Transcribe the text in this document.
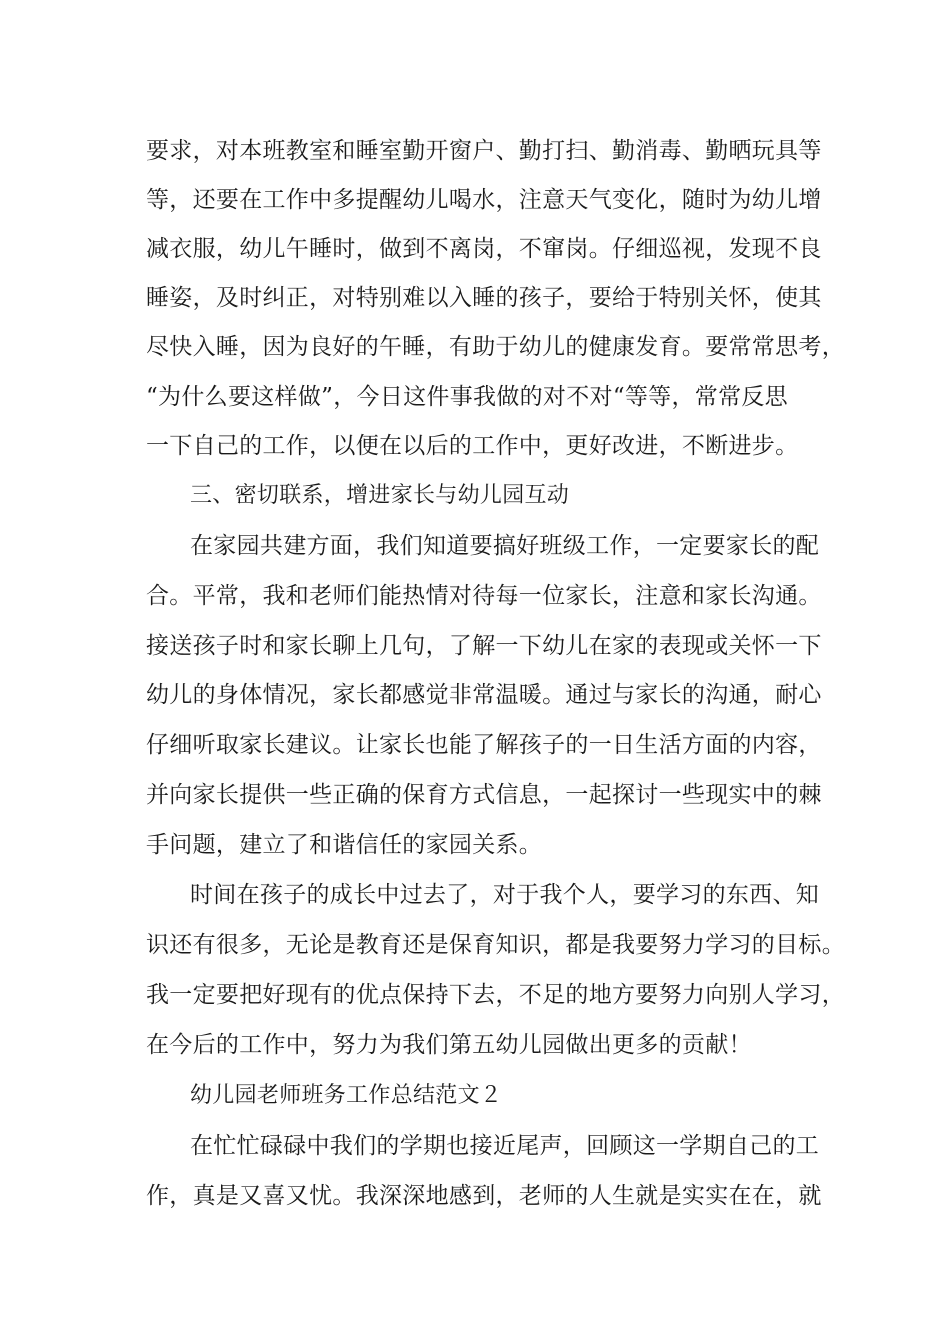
要求，对本班教室和睡室勤开窗户、勤打扫、勤消毒、勤晒玩具等
等，还要在工作中多提醒幼儿喝水，注意天气变化，随时为幼儿增
减衣服，幼儿午睡时，做到不离岗，不窜岗。仔细巡视，发现不良
睡姿，及时纠正，对特别难以入睡的孩子，要给于特别关怀，使其
尽快入睡，因为良好的午睡，有助于幼儿的健康发育。要常常思考，
“为什么要这样做”，今日这件事我做的对不对“等等，常常反思
一下自己的工作，以便在以后的工作中，更好改进，不断进步。
三、密切联系，增进家长与幼儿园互动
在家园共建方面，我们知道要搞好班级工作，一定要家长的配
合。平常，我和老师们能热情对待每一位家长，注意和家长沟通。
接送孩子时和家长聊上几句，了解一下幼儿在家的表现或关怀一下
幼儿的身体情况，家长都感觉非常温暖。通过与家长的沟通，耐心
仔细听取家长建议。让家长也能了解孩子的一日生活方面的内容，
并向家长提供一些正确的保育方式信息，一起探讨一些现实中的棘
手问题，建立了和谐信任的家园关系。
时间在孩子的成长中过去了，对于我个人，要学习的东西、知
识还有很多，无论是教育还是保育知识，都是我要努力学习的目标。
我一定要把好现有的优点保持下去，不足的地方要努力向别人学习，
在今后的工作中，努力为我们第五幼儿园做出更多的贡献！
幼儿园老师班务工作总结范文２
在忙忙碌碌中我们的学期也接近尾声，回顾这一学期自己的工
作，真是又喜又忧。我深深地感到，老师的人生就是实实在在，就
